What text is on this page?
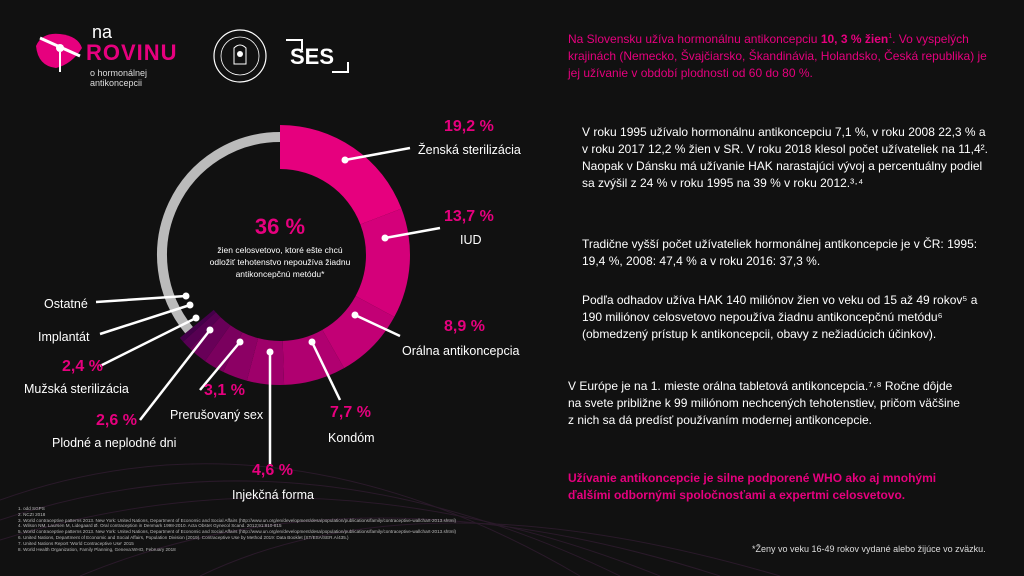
na
ROVINU
o hormonálnej antikoncepcii
SES
36 %
žien celosvetovo, ktoré ešte chcú odložiť tehotenstvo nepoužíva žiadnu antikoncepčnú metódu*
19,2 %
Ženská sterilizácia
13,7 %
IUD
8,9 %
Orálna antikoncepcia
7,7 %
Kondóm
4,6 %
Injekčná forma
3,1 %
Prerušovaný sex
2,6 %
Plodné a neplodné dni
2,4 %
Mužská sterilizácia
Implantát
Ostatné
Na Slovensku užíva hormonálnu antikoncepciu 10, 3 % žien$^1$. Vo vyspelých krajinách (Nemecko, Švajčiarsko, Škandinávia, Holandsko, Česká republika) je jej užívanie v období plodnosti od 60 do 80 %.
V roku 1995 užívalo hormonálnu antikoncepciu 7,1 %, v roku 2008 22,3 % a v roku 2017 12,2 % žien v SR. V roku 2018 klesol počet užívateliek na 11,4². Naopak v Dánsku má užívanie HAK narastajúci vývoj a percentuálny podiel sa zvýšil z 24 % v roku 1995 na 39 % v roku 2012.³·⁴
Tradične vyšší počet užívateliek hormonálnej antikoncepcie je v ČR: 1995: 19,4 %, 2008: 47,4 % a v roku 2016: 37,3 %.
Podľa odhadov užíva HAK 140 miliónov žien vo veku od 15 až 49 rokov⁵ a 190 miliónov celosvetovo nepoužíva žiadnu antikoncepčnú metódu⁶ (obmedzený prístup k antikoncepcii, obavy z nežiadúcich účinkov).
V Európe je na 1. mieste orálna tabletová antikoncepcia.⁷·⁸ Ročne dôjde na svete približne k 99 miliónom nechcených tehotenstiev, pričom väčšine z nich sa dá predísť používaním modernej antikoncepcie.
Užívanie antikoncepcie je silne podporené WHO ako aj mnohými ďalšími odbornými spoločnosťami a expertmi celosvetovo.
1. odd SGPS
2. NCZI 2018
3. World contraceptive patterns 2013. New York: United Nations, Department of Economic and Social Affairs (http://www.un.org/en/development/desa/population/publications/family/contraceptive-wallchart-2013.shtml)
4. Wilson NM, Laursen M, Lidegaard Ø. Oral contraception in Denmark 1998-2010. Acta Obstet Gynecol Scand. 2012;91:810-815
5. World contraceptive patterns 2013. New York: United Nations, Department of Economic and Social Affairs (http://www.un.org/en/development/desa/population/publications/family/contraceptive-wallchart-2013.shtml)
6. United Nations, Department of Economic and Social Affairs, Population Division (2019). Contraceptive Use by Method 2019: Data Booklet (ST/ESA/SER.A/435.)
7. United Nations Report 'World Contraceptive Use' 2015
8. World Health Organization, Family Planning, Geneva:WHO, February 2018	*Ženy vo veku 16-49 rokov vydané alebo žijúce vo zväzku.
